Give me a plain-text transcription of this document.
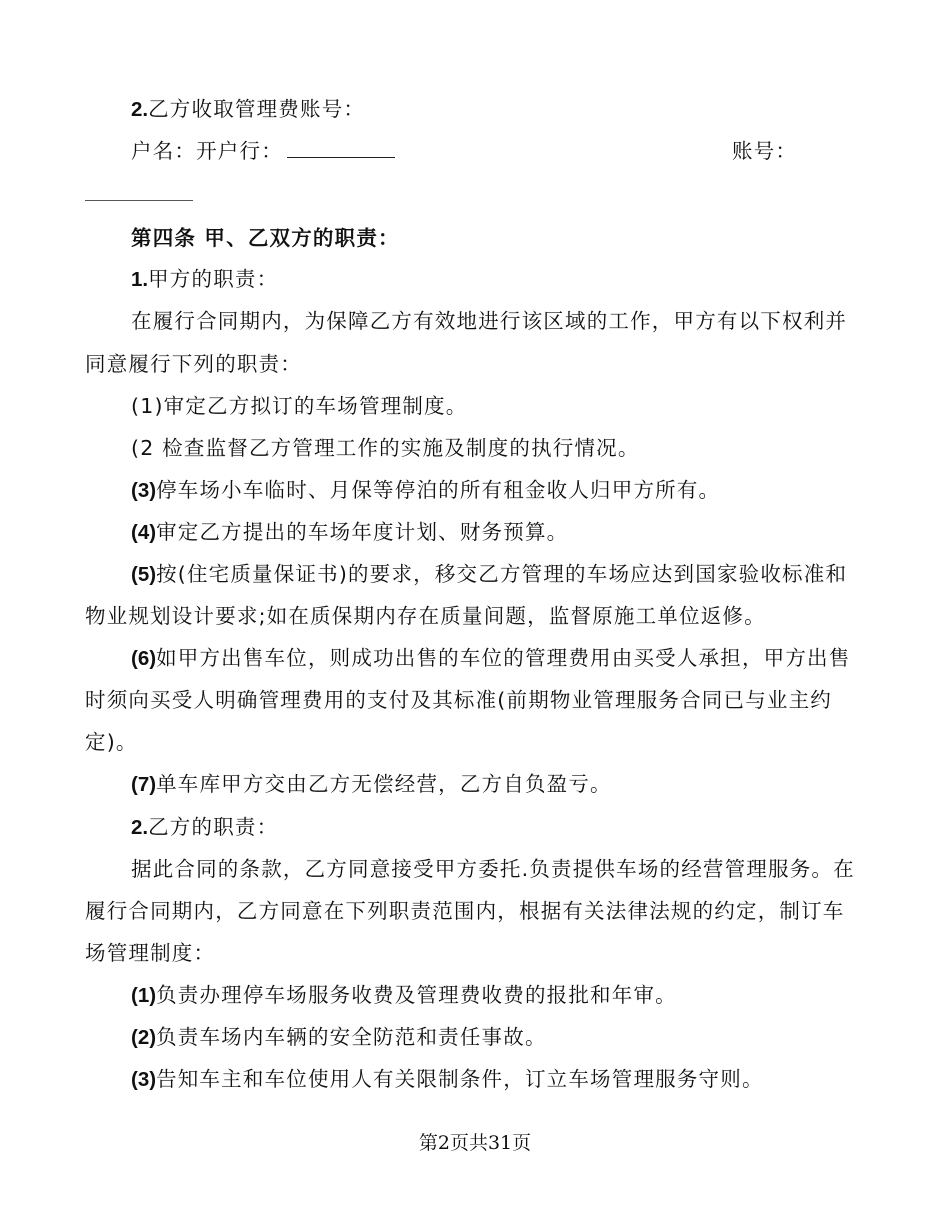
2.乙方收取管理费账号：
户名：开户行：	账号：
第四条 甲、乙双方的职责：
1.甲方的职责：
在履行合同期内，为保障乙方有效地进行该区域的工作，甲方有以下权利并
同意履行下列的职责：
(1)审定乙方拟订的车场管理制度。
(2 检查监督乙方管理工作的实施及制度的执行情况。
(3)停车场小车临时、月保等停泊的所有租金收人归甲方所有。
(4)审定乙方提出的车场年度计划、财务预算。
(5)按(住宅质量保证书)的要求，移交乙方管理的车场应达到国家验收标准和
物业规划设计要求;如在质保期内存在质量间题，监督原施工单位返修。
(6)如甲方出售车位，则成功出售的车位的管理费用由买受人承担，甲方出售
时须向买受人明确管理费用的支付及其标准(前期物业管理服务合同已与业主约
定)。
(7)单车库甲方交由乙方无偿经营，乙方自负盈亏。
2.乙方的职责：
据此合同的条款，乙方同意接受甲方委托.负责提供车场的经营管理服务。在
履行合同期内，乙方同意在下列职责范围内，根据有关法律法规的约定，制订车
场管理制度：
(1)负责办理停车场服务收费及管理费收费的报批和年审。
(2)负责车场内车辆的安全防范和责任事故。
(3)告知车主和车位使用人有关限制条件，订立车场管理服务守则。
第2页共31页
